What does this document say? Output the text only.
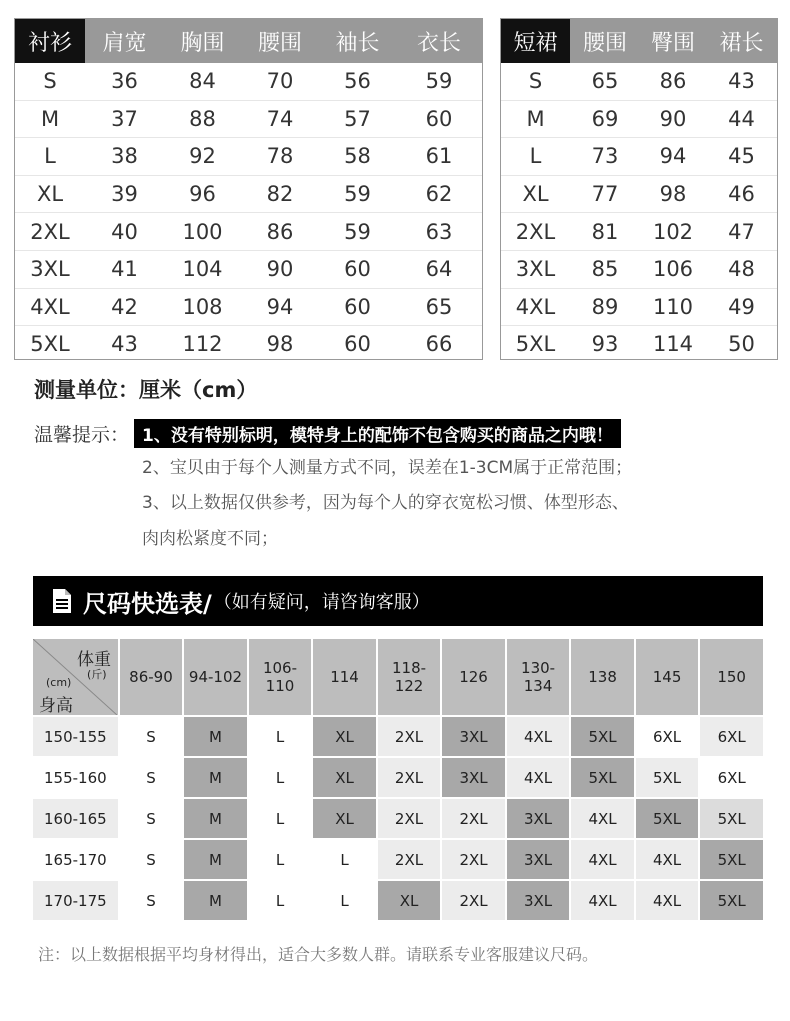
衬衫	肩宽	胸围	腰围	袖长	衣长
S	36	84	70	56	59
M	37	88	74	57	60
L	38	92	78	58	61
XL	39	96	82	59	62
2XL	40	100	86	59	63
3XL	41	104	90	60	64
4XL	42	108	94	60	65
5XL	43	112	98	60	66
短裙	腰围	臀围	裙长
S	65	86	43
M	69	90	44
L	73	94	45
XL	77	98	46
2XL	81	102	47
3XL	85	106	48
4XL	89	110	49
5XL	93	114	50
测量单位：厘米（cm）
温馨提示： 1、没有特别标明，模特身上的配饰不包含购买的商品之内哦！
2、宝贝由于每个人测量方式不同，误差在1-3CM属于正常范围；
3、以上数据仅供参考，因为每个人的穿衣宽松习惯、体型形态、
肉肉松紧度不同；
尺码快选表/ （如有疑问，请咨询客服）
体重
(斤)
(cm)
身高	86-90	94-102	106-110	114	118-122	126	130-134	138	145	150
150-155	S	M	L	XL	2XL	3XL	4XL	5XL	6XL	6XL
155-160	S	M	L	XL	2XL	3XL	4XL	5XL	5XL	6XL
160-165	S	M	L	XL	2XL	2XL	3XL	4XL	5XL	5XL
165-170	S	M	L	L	2XL	2XL	3XL	4XL	4XL	5XL
170-175	S	M	L	L	XL	2XL	3XL	4XL	4XL	5XL
注：以上数据根据平均身材得出，适合大多数人群。请联系专业客服建议尺码。
